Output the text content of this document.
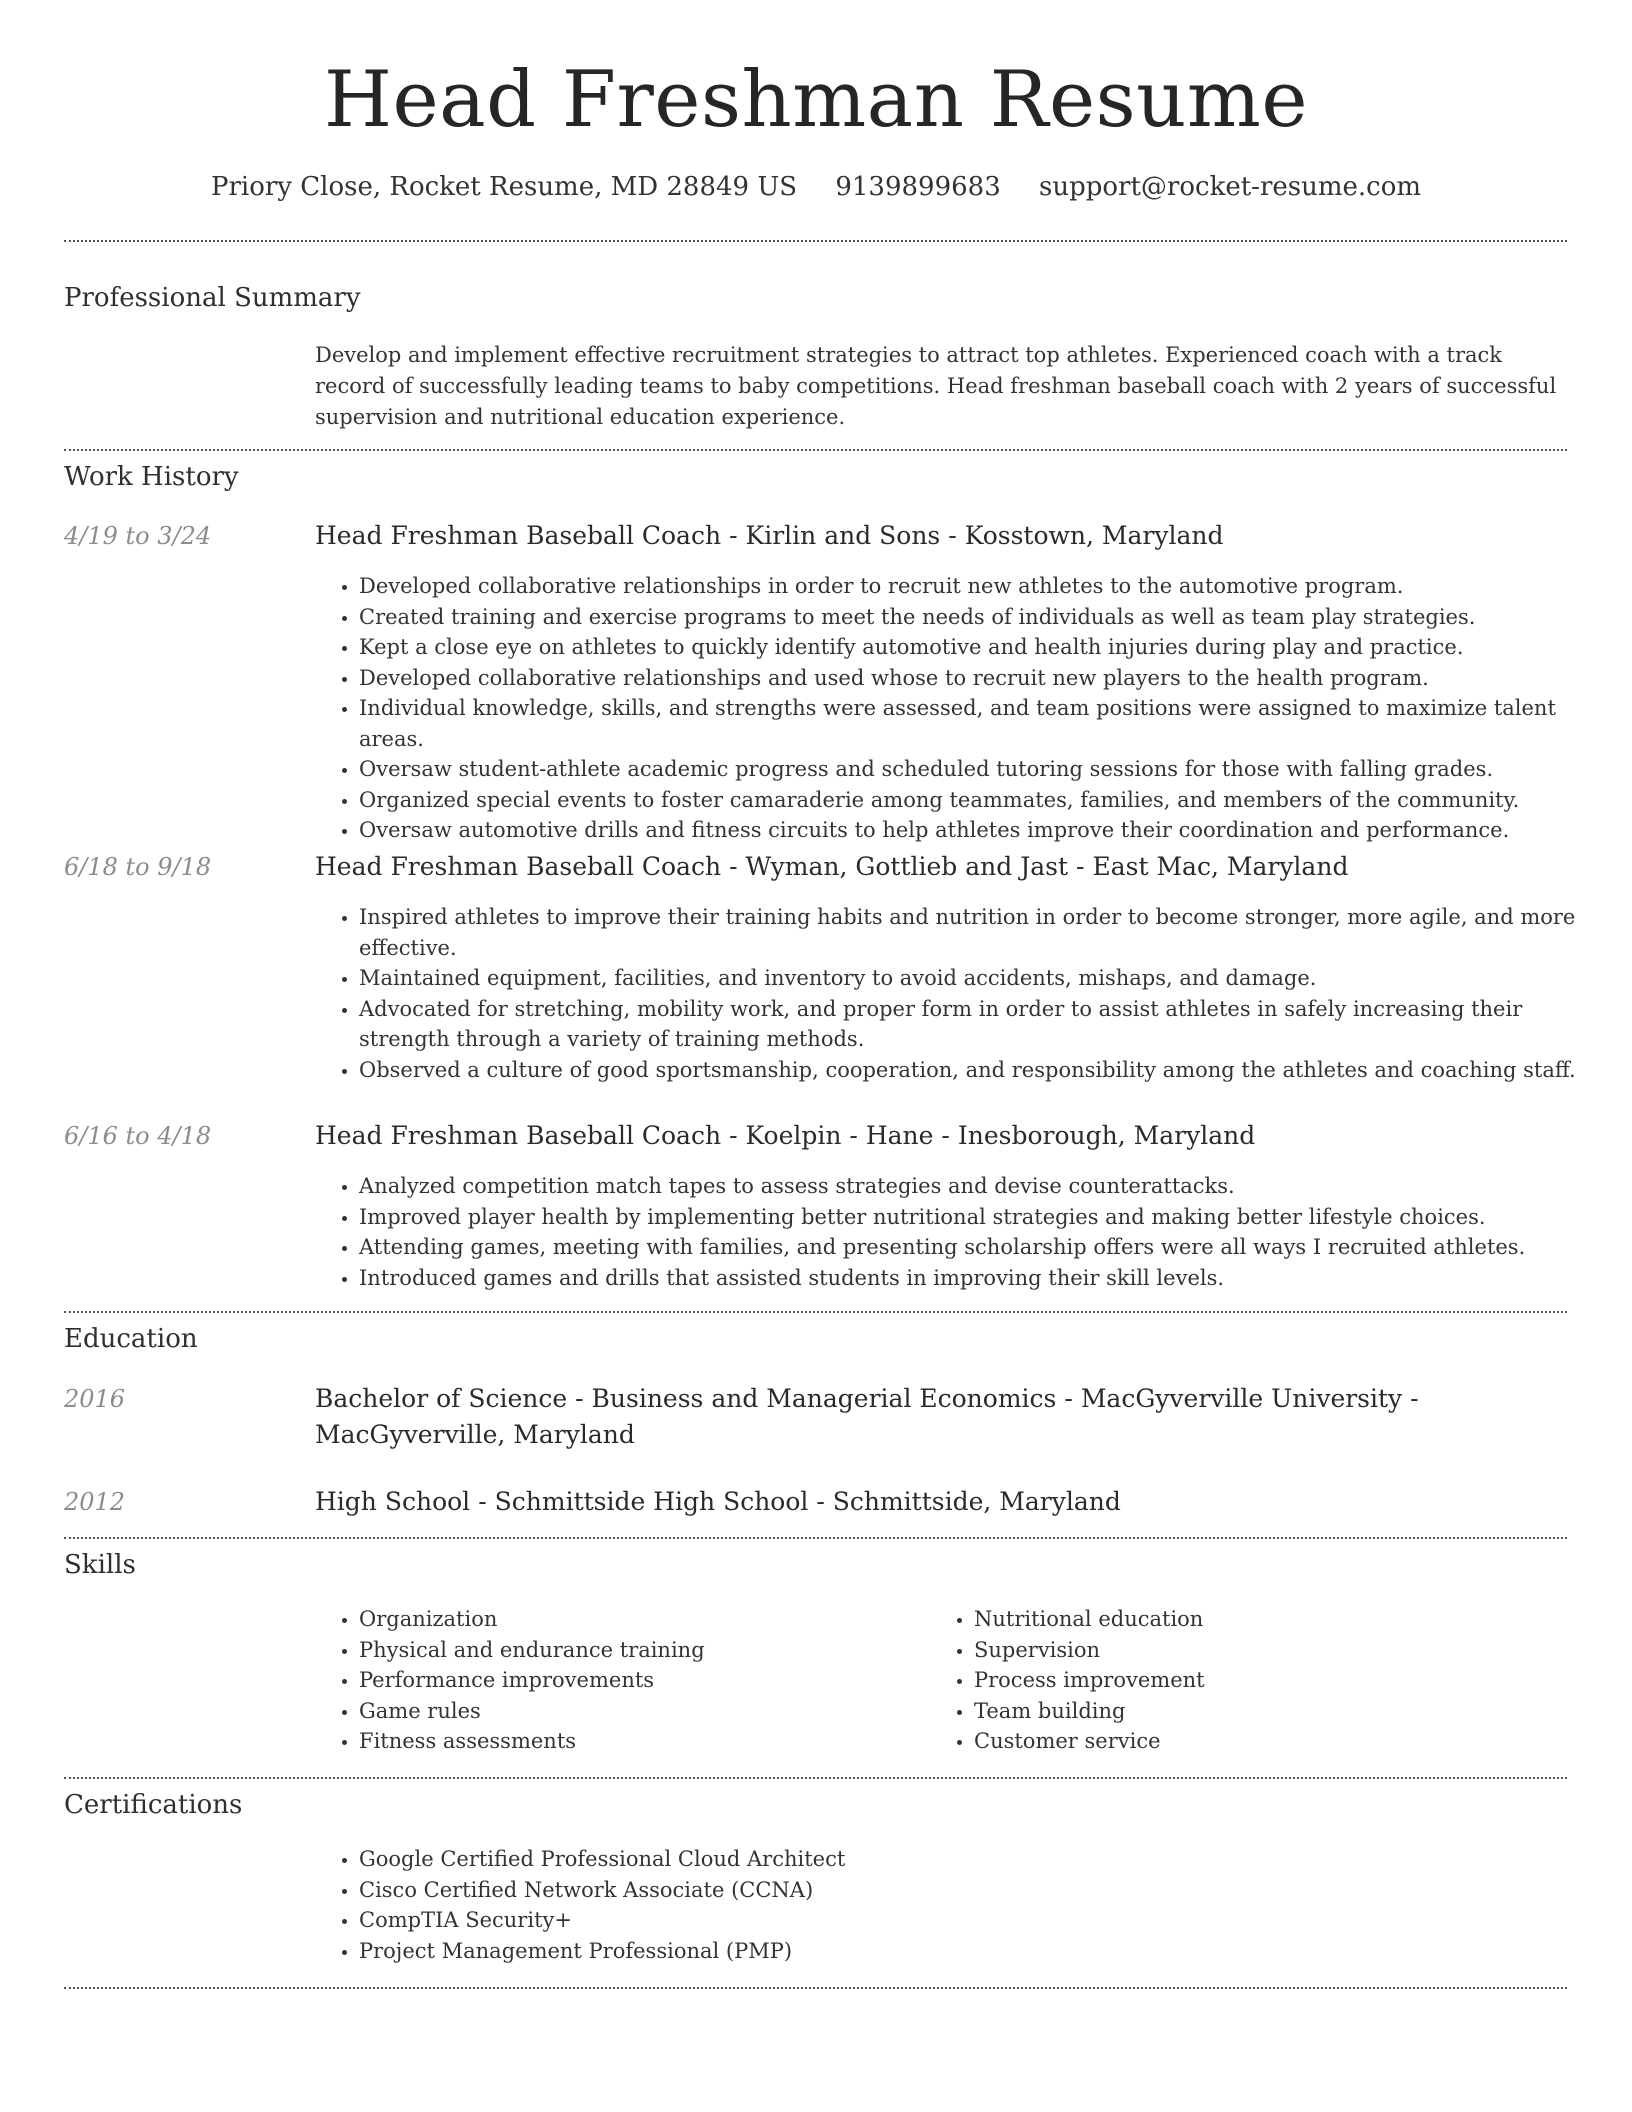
Head Freshman Resume
Priory Close, Rocket Resume, MD 28849 US 9139899683 support@rocket-resume.com
Professional Summary

Develop and implement effective recruitment strategies to attract top athletes. Experienced coach with a track record of successfully leading teams to baby competitions. Head freshman baseball coach with 2 years of successful supervision and nutritional education experience.

Work History
4/19 to 3/24	Head Freshman Baseball Coach - Kirlin and Sons - Kosstown, Maryland
• Developed collaborative relationships in order to recruit new athletes to the automotive program.
• Created training and exercise programs to meet the needs of individuals as well as team play strategies.
• Kept a close eye on athletes to quickly identify automotive and health injuries during play and practice.
• Developed collaborative relationships and used whose to recruit new players to the health program.
• Individual knowledge, skills, and strengths were assessed, and team positions were assigned to maximize talent areas.
• Oversaw student-athlete academic progress and scheduled tutoring sessions for those with falling grades.
• Organized special events to foster camaraderie among teammates, families, and members of the community.
• Oversaw automotive drills and fitness circuits to help athletes improve their coordination and performance.
6/18 to 9/18	Head Freshman Baseball Coach - Wyman, Gottlieb and Jast - East Mac, Maryland
• Inspired athletes to improve their training habits and nutrition in order to become stronger, more agile, and more effective.
• Maintained equipment, facilities, and inventory to avoid accidents, mishaps, and damage.
• Advocated for stretching, mobility work, and proper form in order to assist athletes in safely increasing their strength through a variety of training methods.
• Observed a culture of good sportsmanship, cooperation, and responsibility among the athletes and coaching staff.
6/16 to 4/18	Head Freshman Baseball Coach - Koelpin - Hane - Inesborough, Maryland
• Analyzed competition match tapes to assess strategies and devise counterattacks.
• Improved player health by implementing better nutritional strategies and making better lifestyle choices.
• Attending games, meeting with families, and presenting scholarship offers were all ways I recruited athletes.
• Introduced games and drills that assisted students in improving their skill levels.
Education
2016	Bachelor of Science - Business and Managerial Economics - MacGyverville University - MacGyverville, Maryland
2012	High School - Schmittside High School - Schmittside, Maryland
Skills
• Organization
• Physical and endurance training
• Performance improvements
• Game rules
• Fitness assessments
• Nutritional education
• Supervision
• Process improvement
• Team building
• Customer service
Certifications
• Google Certified Professional Cloud Architect
• Cisco Certified Network Associate (CCNA)
• CompTIA Security+
• Project Management Professional (PMP)
